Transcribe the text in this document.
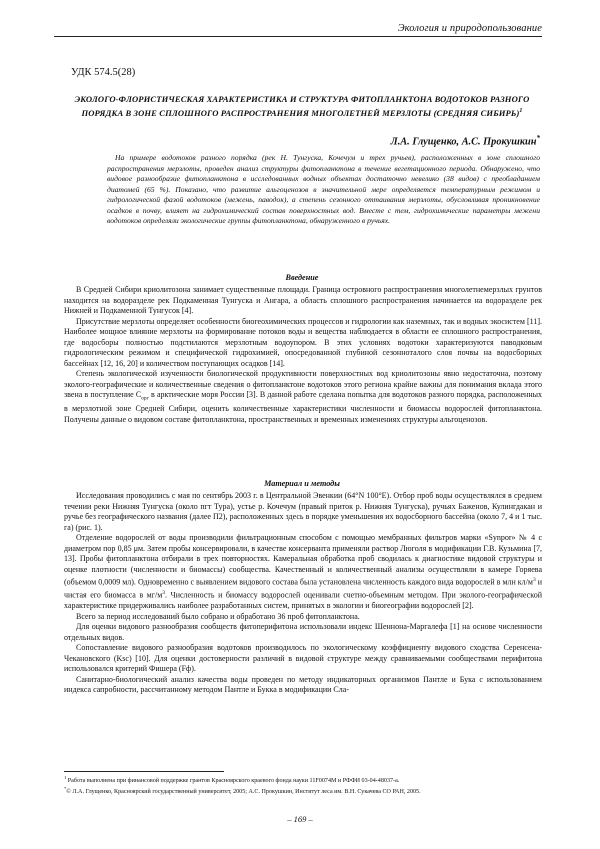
Экология и природопользование
УДК 574.5(28)
ЭКОЛОГО-ФЛОРИСТИЧЕСКАЯ ХАРАКТЕРИСТИКА И СТРУКТУРА ФИТОПЛАНКТОНА ВОДОТОКОВ РАЗНОГО ПОРЯДКА В ЗОНЕ СПЛОШНОГО РАСПРОСТРАНЕНИЯ МНОГОЛЕТНЕЙ МЕРЗЛОТЫ (СРЕДНЯЯ СИБИРЬ)$^1$
Л.А. Глущенко, А.С. Прокушкин*
На примере водотоков разного порядка (рек Н. Тунгуска, Кочечум и трех ручьев), расположенных в зоне сплошного распространения мерзлоты, проведен анализ структуры фитопланктона в течение вегетационного периода. Обнаружено, что видовое разнообразие фитопланктона в исследованных водных объектах достаточно невелико (38 видов) с преобладанием диатомей (65 %). Показано, что развитие альгоценозов в значительной мере определяется температурным режимом и гидрологической фазой водотоков (межень, паводок), а степень сезонного оттаивания мерзлоты, обусловливая проникновение осадков в почву, влияет на гидрохимический состав поверхностных вод. Вместе с тем, гидрохимические параметры межени водотоков определяли экологические группы фитопланктона, обнаруженного в ручьях.
Введение

В Средней Сибири криолитозона занимает существенные площади. Граница островного распространения многолетнемерзлых грунтов находится на водоразделе рек Подкаменная Тунгуска и Ангара, а область сплошного распространения начинается на водоразделе рек Нижней и Подкаменной Тунгусок [4].

Присутствие мерзлоты определяет особенности биогеохимических процессов и гидрологии как наземных, так и водных экосистем [11]. Наиболее мощное влияние мерзлоты на формирование потоков воды и вещества наблюдается в области ее сплошного распространения, где водосборы полностью подстилаются мерзлотным водоупором. В этих условиях водотоки характеризуются паводковым гидрологическим режимом и специфической гидрохимией, опосредованной глубиной сезоннoталого слоя почвы на водосборных бассейнах [12, 16, 20] и количеством поступающих осадков [14].

Степень экологической изученности биологической продуктивности поверхностных вод криолитозоны явно недостаточна, поэтому эколого-географические и количественные сведения о фитопланктоне водотоков этого региона крайне важны для понимания вклада этого звена в поступление $C_{орг}$ в арктические моря России [3]. В данной работе сделана попытка для водотоков разного порядка, расположенных в мерзлотной зоне Средней Сибири, оценить количественные характеристики численности и биомассы водорослей фитопланктона. Получены данные о видовом составе фитопланктона, пространственных и временных изменениях структуры альгоценозов.

Материал и методы

Исследования проводились с мая по сентябрь 2003 г. в Центральной Эвенкии (64°N 100°E). Отбор проб воды осуществлялся в среднем течении реки Нижняя Тунгуска (около пгт Тура), устье р. Кочечум (правый приток р. Нижняя Тунгуска), ручьях Баженов, Кулингдакан и ручье без географического названия (далее П2), расположенных здесь в порядке уменьшения их водосборного бассейна (около 7, 4 и 1 тыс. га) (рис. 1).

Отделение водорослей от воды производили фильтрационным способом с помощью мембранных фильтров марки «Synpor» № 4 с диаметром пор 0,85 μм. Затем пробы консервировали, в качестве консерванта применяли раствор Люголя в модификации Г.В. Кузьмина [7, 13]. Пробы фитопланктона отбирали в трех повторностях. Камеральная обработка проб сводилась к диагностике видовой структуры и оценке плотности (численности и биомассы) сообщества. Качественный и количественный анализы осуществляли в камере Горяева (объемом 0,0009 мл). Одновременно с выявлением видового состава была установлена численность каждого вида водорослей в млн $кл/м^3$ и чистая его биомасса в $мг/м^3$. Численность и биомассу водорослей оценивали счетно-объемным методом. При эколого-географической характеристике придерживались наиболее разработанных систем, принятых в экологии и биогеографии водорослей [2].

Всего за период исследований было собрано и обработано 36 проб фитопланктона.

Для оценки видового разнообразия сообществ фитоперифитона использовали индекс Шеннона-Маргалефа [1] на основе численности отдельных видов.

Сопоставление видового разнообразия водотоков производилось по экологическому коэффициенту видового сходства Серенсена-Чекановского (Ksc) [10]. Для оценки достоверности различий в видовой структуре между сравниваемыми сообществами перифитона использовался критерий Фишера (Fф).

Санитарно-биологический анализ качества воды проведен по методу индикаторных организмов Пантле и Бука с использованием индекса сапробности, рассчитанному методом Пантле и Букка в модификации Сла-

$^1$ Работа выполнена при финансовой поддержке грантов Красноярского краевого фонда науки 11F0074M и РФФИ 03-04-48037-а.

*© Л.А. Глущенко, Красноярский государственный университет, 2005; А.С. Прокушкин, Институт леса им. В.Н. Сукачева СО РАН, 2005.

– 169 –
